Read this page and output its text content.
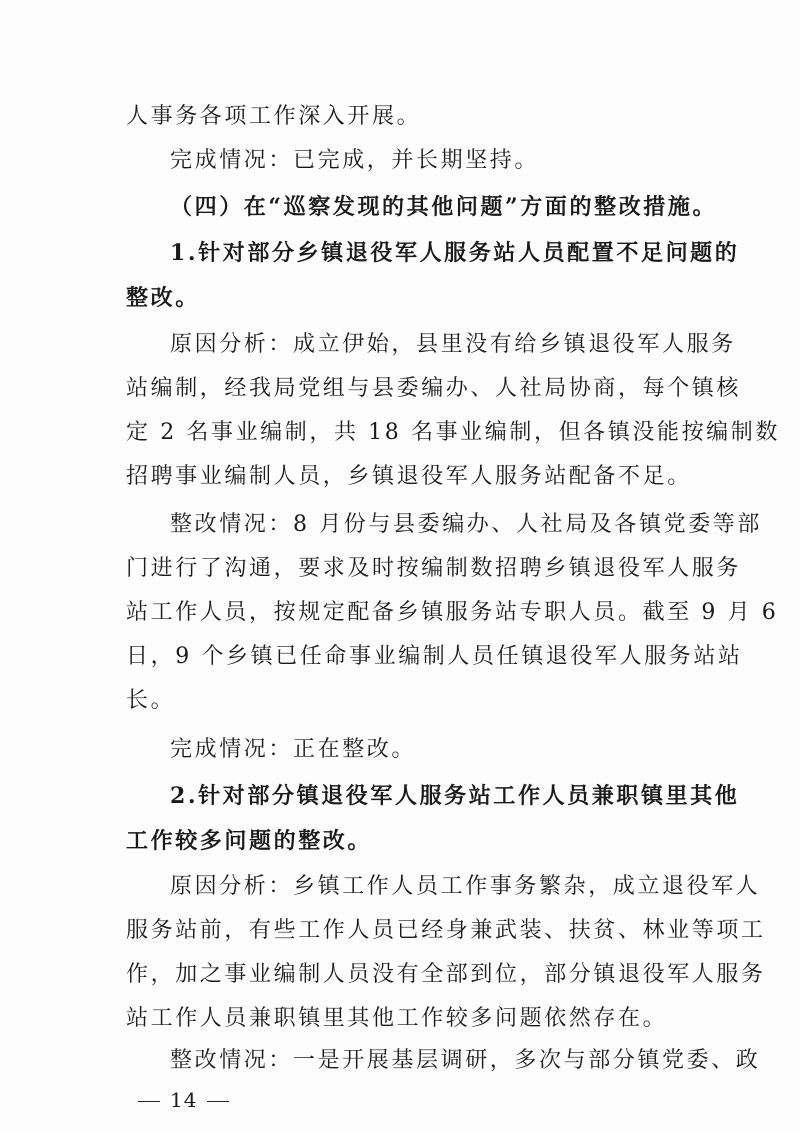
人事务各项工作深入开展。
完成情况：已完成，并长期坚持。
（四）在“巡察发现的其他问题”方面的整改措施。
1.针对部分乡镇退役军人服务站人员配置不足问题的
整改。
原因分析：成立伊始，县里没有给乡镇退役军人服务
站编制，经我局党组与县委编办、人社局协商，每个镇核
定 2 名事业编制，共 18 名事业编制，但各镇没能按编制数
招聘事业编制人员，乡镇退役军人服务站配备不足。
整改情况：8 月份与县委编办、人社局及各镇党委等部
门进行了沟通，要求及时按编制数招聘乡镇退役军人服务
站工作人员，按规定配备乡镇服务站专职人员。截至 9 月 6
日，9 个乡镇已任命事业编制人员任镇退役军人服务站站
长。
完成情况：正在整改。
2.针对部分镇退役军人服务站工作人员兼职镇里其他
工作较多问题的整改。
原因分析：乡镇工作人员工作事务繁杂，成立退役军人
服务站前，有些工作人员已经身兼武装、扶贫、林业等项工
作，加之事业编制人员没有全部到位，部分镇退役军人服务
站工作人员兼职镇里其他工作较多问题依然存在。
整改情况：一是开展基层调研，多次与部分镇党委、政
14
